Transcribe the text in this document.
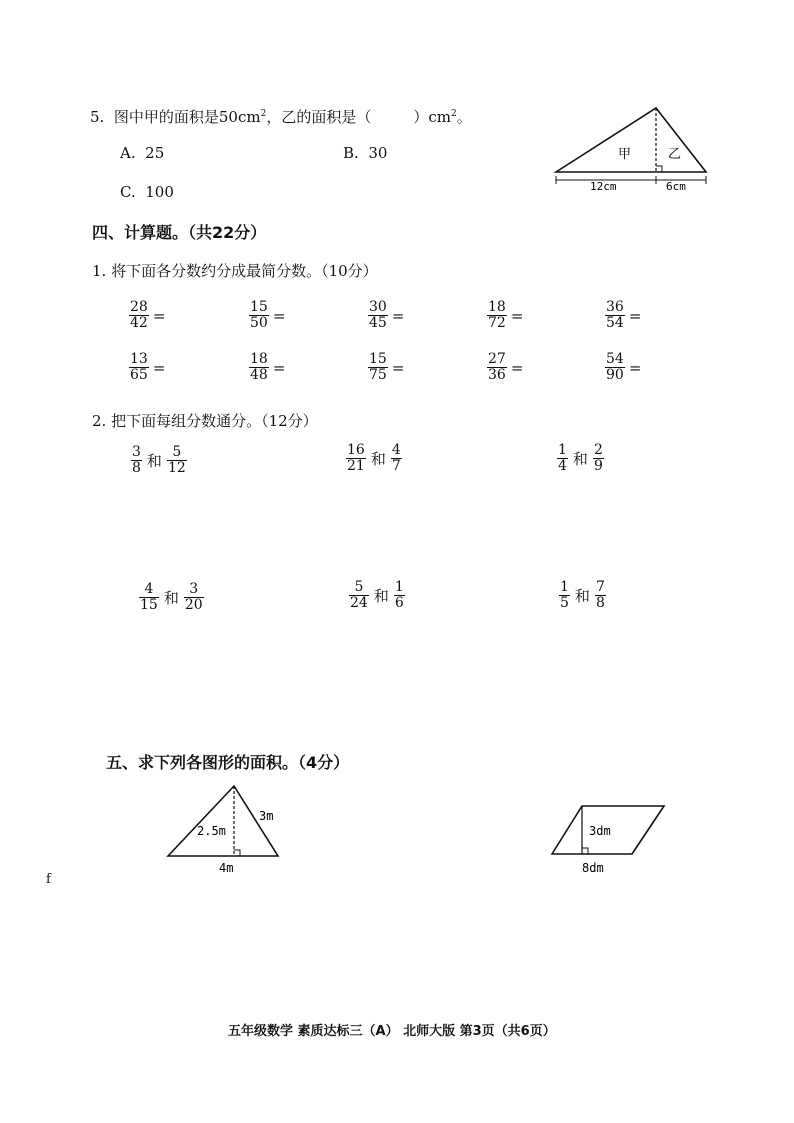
5. 图中甲的面积是$50cm^2$，乙的面积是（	）$cm^2$。
A. 25	B. 30
C. 100
甲	乙
12cm	6cm
四、计算题。（共22分）
1. 将下面各分数约分成最简分数。（10分）
$\frac{28}{42}$ =	$\frac{15}{50}$ =	$\frac{30}{45}$ =	$\frac{18}{72}$ =	$\frac{36}{54}$ =
$\frac{13}{65}$ =	$\frac{18}{48}$ =	$\frac{15}{75}$ =	$\frac{27}{36}$ =	$\frac{54}{90}$ =
2. 把下面每组分数通分。（12分）
$\frac{3}{8}$ 和 $\frac{5}{12}$	$\frac{16}{21}$ 和 $\frac{4}{7}$	$\frac{1}{4}$ 和 $\frac{2}{9}$
$\frac{4}{15}$ 和 $\frac{3}{20}$	$\frac{5}{24}$ 和 $\frac{1}{6}$	$\frac{1}{5}$ 和 $\frac{7}{8}$
五、求下列各图形的面积。（4分）
2.5m
3m
4m
3dm
8dm
f
五年级数学 素质达标三（A） 北师大版 第3页（共6页）
